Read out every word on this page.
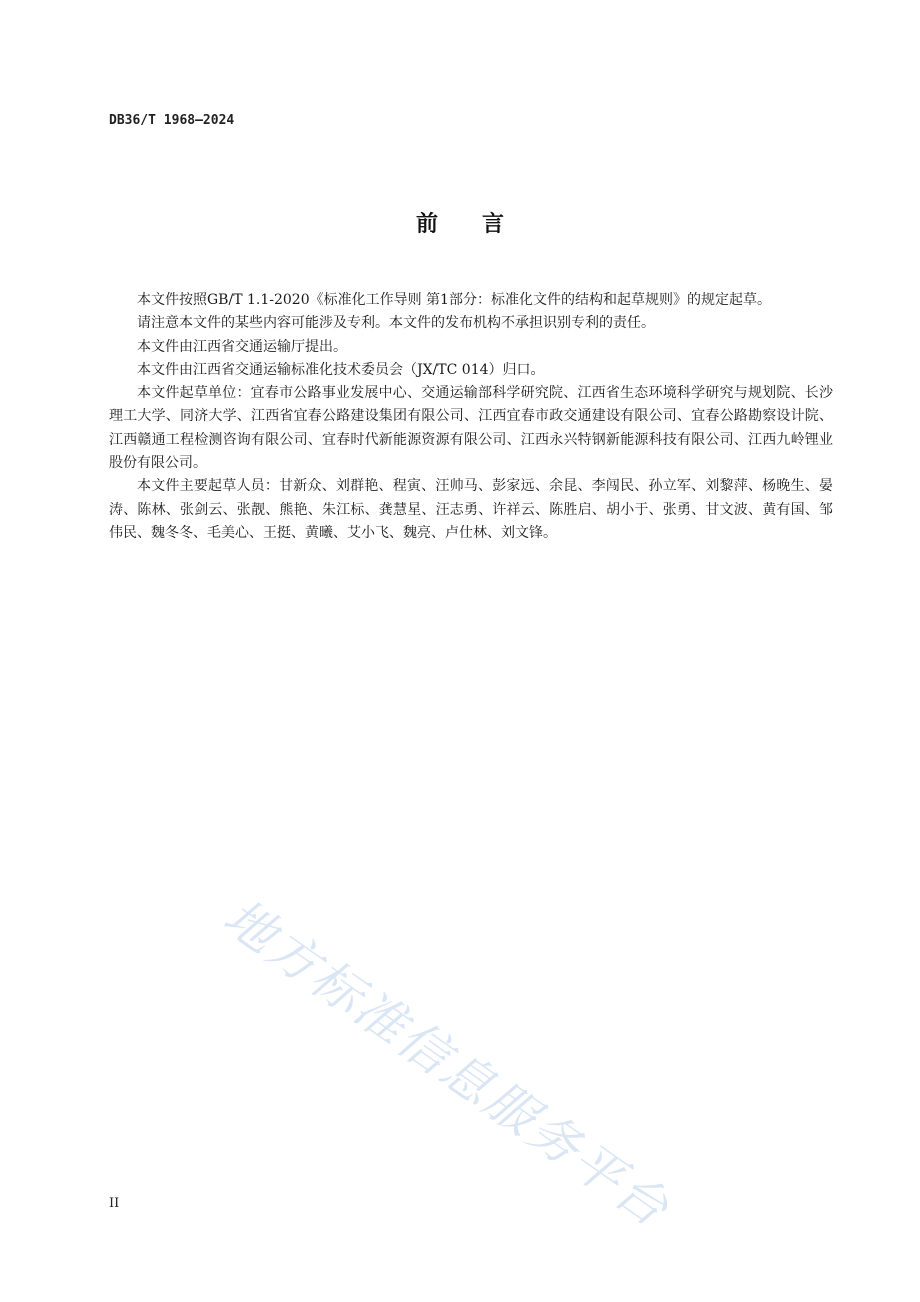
DB36/T 1968—2024
前言

本文件按照GB/T 1.1-2020《标准化工作导则 第1部分：标准化文件的结构和起草规则》的规定起草。

请注意本文件的某些内容可能涉及专利。本文件的发布机构不承担识别专利的责任。

本文件由江西省交通运输厅提出。

本文件由江西省交通运输标准化技术委员会（JX/TC 014）归口。

本文件起草单位：宜春市公路事业发展中心、交通运输部科学研究院、江西省生态环境科学研究与规划院、长沙理工大学、同济大学、江西省宜春公路建设集团有限公司、江西宜春市政交通建设有限公司、宜春公路勘察设计院、江西赣通工程检测咨询有限公司、宜春时代新能源资源有限公司、江西永兴特钢新能源科技有限公司、江西九岭锂业股份有限公司。

本文件主要起草人员：甘新众、刘群艳、程寅、汪帅马、彭家远、余昆、李闯民、孙立军、刘黎萍、杨晚生、晏涛、陈林、张剑云、张靓、熊艳、朱江标、龚慧星、汪志勇、许祥云、陈胜启、胡小于、张勇、甘文波、黄有国、邹伟民、魏冬冬、毛美心、王挺、黄曦、艾小飞、魏亮、卢仕林、刘文锋。

地方标准信息服务平台
II
